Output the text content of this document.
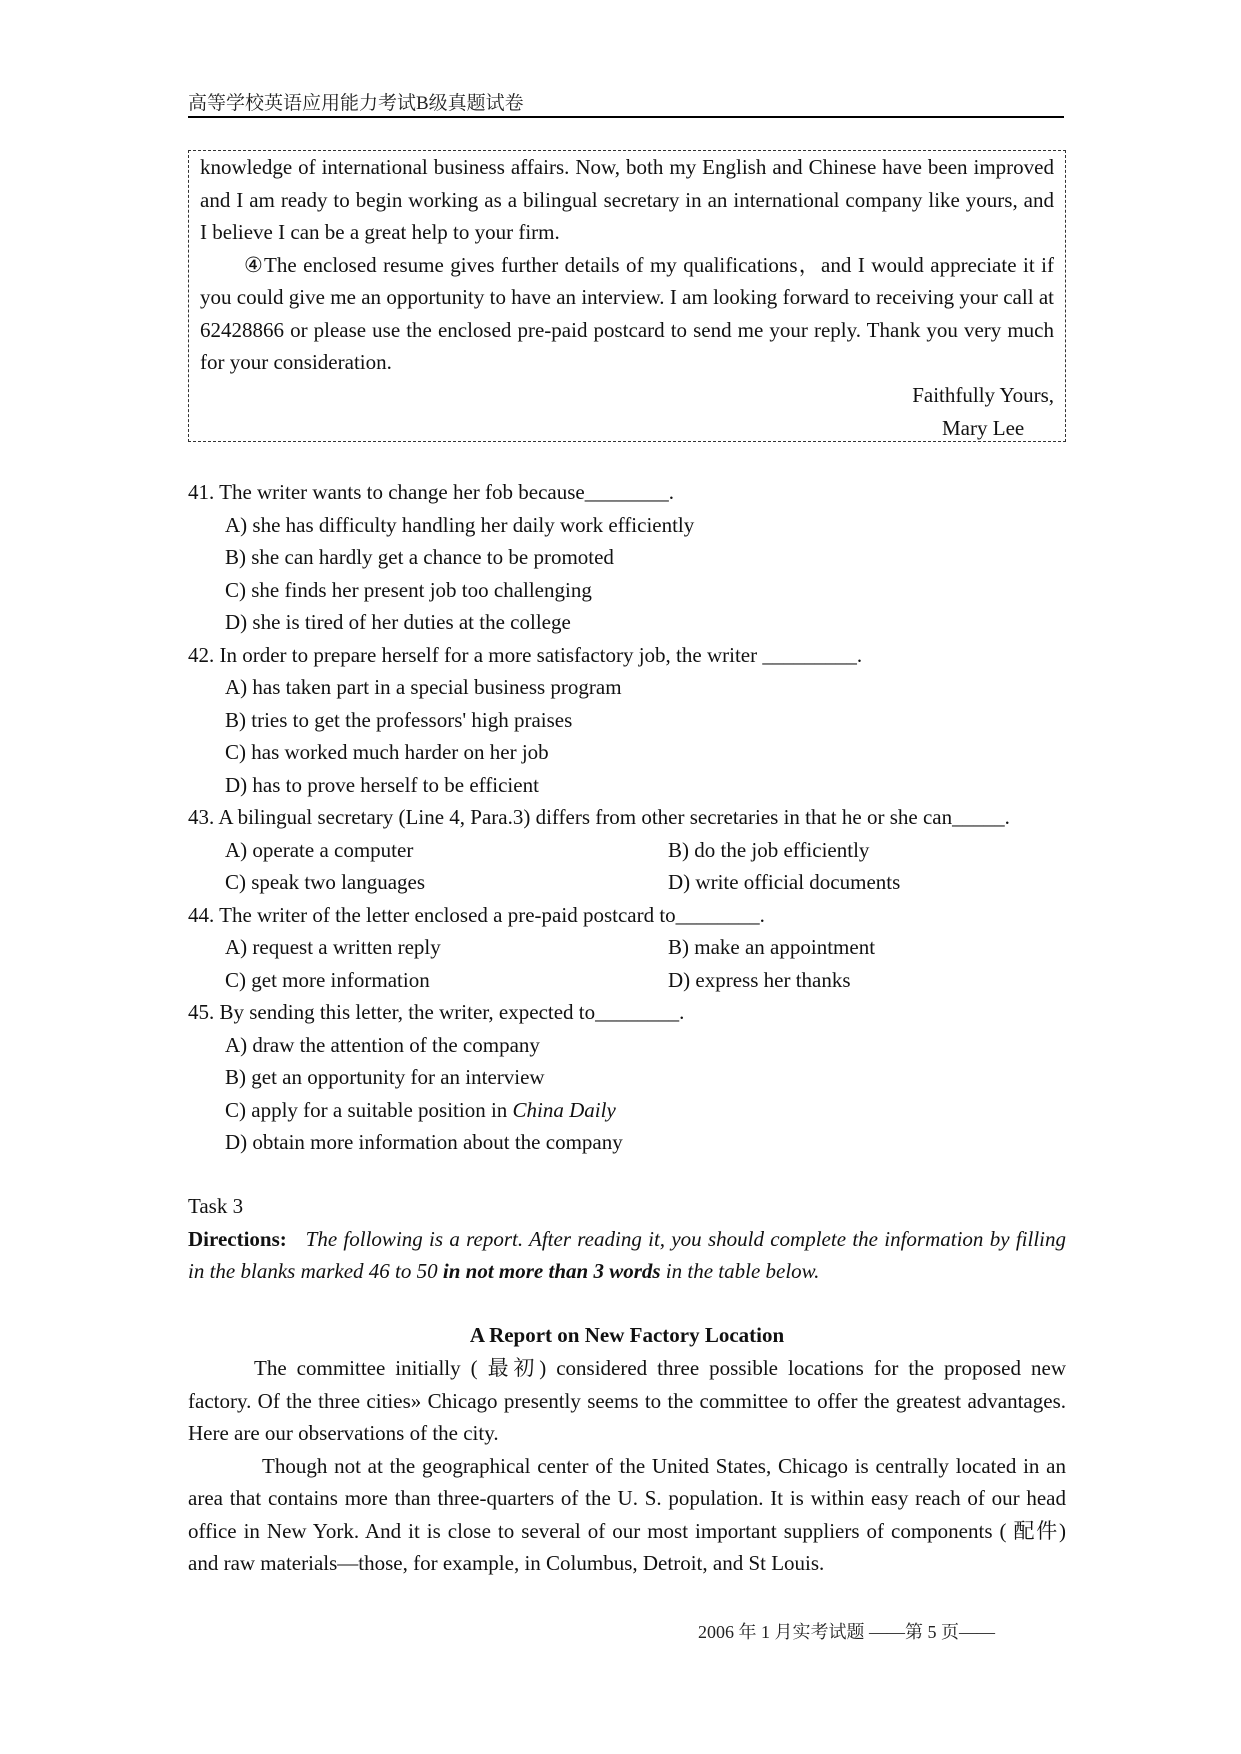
高等学校英语应用能力考试B级真题试卷

knowledge of international business affairs. Now, both my English and Chinese have been improved and I am ready to begin working as a bilingual secretary in an international company like yours, and I believe I can be a great help to your firm.

④The enclosed resume gives further details of my qualifications，and I would appreciate it if you could give me an opportunity to have an interview. I am looking forward to receiving your call at 62428866 or please use the enclosed pre-paid postcard to send me your reply. Thank you very much for your consideration.

Faithfully Yours,
Mary Lee
41. The writer wants to change her fob because________.
A) she has difficulty handling her daily work efficiently
B) she can hardly get a chance to be promoted
C) she finds her present job too challenging
D) she is tired of her duties at the college
42. In order to prepare herself for a more satisfactory job, the writer _________.
A) has taken part in a special business program
B) tries to get the professors' high praises
C) has worked much harder on her job
D) has to prove herself to be efficient
43. A bilingual secretary (Line 4, Para.3) differs from other secretaries in that he or she can_____.
A) operate a computer	B) do the job efficiently
C) speak two languages	D) write official documents
44. The writer of the letter enclosed a pre-paid postcard to________.
A) request a written reply	B) make an appointment
C) get more information	D) express her thanks
45. By sending this letter, the writer, expected to________.
A) draw the attention of the company
B) get an opportunity for an interview
C) apply for a suitable position in China Daily
D) obtain more information about the company
Task 3
Directions: The following is a report. After reading it, you should complete the information by filling in the blanks marked 46 to 50 in not more than 3 words in the table below.
A Report on New Factory Location

The committee initially ( 最初) considered three possible locations for the proposed new factory. Of the three cities» Chicago presently seems to the committee to offer the greatest advantages. Here are our observations of the city.

Though not at the geographical center of the United States, Chicago is centrally located in an area that contains more than three-quarters of the U. S. population. It is within easy reach of our head office in New York. And it is close to several of our most important suppliers of components ( 配件) and raw materials—those, for example, in Columbus, Detroit, and St Louis.

2006 年 1 月实考试题 ——第 5 页——
